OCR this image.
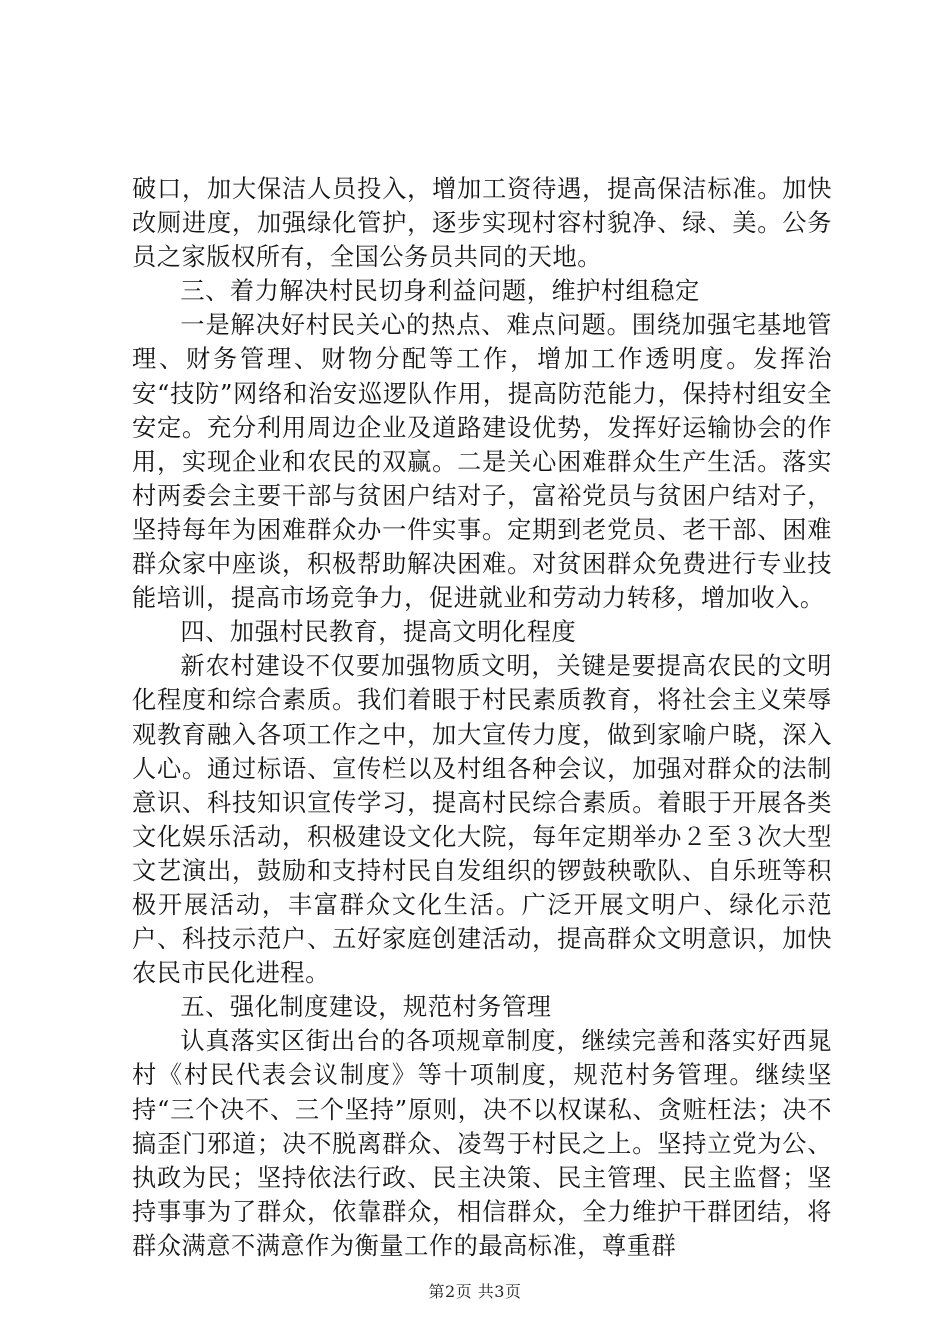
破口，加大保洁人员投入，增加工资待遇，提高保洁标准。加快改厕进度，加强绿化管护，逐步实现村容村貌净、绿、美。公务员之家版权所有，全国公务员共同的天地。

三、着力解决村民切身利益问题，维护村组稳定

一是解决好村民关心的热点、难点问题。围绕加强宅基地管理、财务管理、财物分配等工作，增加工作透明度。发挥治安“技防”网络和治安巡逻队作用，提高防范能力，保持村组安全安定。充分利用周边企业及道路建设优势，发挥好运输协会的作用，实现企业和农民的双赢。二是关心困难群众生产生活。落实村两委会主要干部与贫困户结对子，富裕党员与贫困户结对子，坚持每年为困难群众办一件实事。定期到老党员、老干部、困难群众家中座谈，积极帮助解决困难。对贫困群众免费进行专业技能培训，提高市场竞争力，促进就业和劳动力转移，增加收入。

四、加强村民教育，提高文明化程度

新农村建设不仅要加强物质文明，关键是要提高农民的文明化程度和综合素质。我们着眼于村民素质教育，将社会主义荣辱观教育融入各项工作之中，加大宣传力度，做到家喻户晓，深入人心。通过标语、宣传栏以及村组各种会议，加强对群众的法制意识、科技知识宣传学习，提高村民综合素质。着眼于开展各类文化娱乐活动，积极建设文化大院，每年定期举办２至３次大型文艺演出，鼓励和支持村民自发组织的锣鼓秧歌队、自乐班等积极开展活动，丰富群众文化生活。广泛开展文明户、绿化示范户、科技示范户、五好家庭创建活动，提高群众文明意识，加快农民市民化进程。

五、强化制度建设，规范村务管理

认真落实区街出台的各项规章制度，继续完善和落实好西晁村《村民代表会议制度》等十项制度，规范村务管理。继续坚持“三个决不、三个坚持”原则，决不以权谋私、贪赃枉法；决不搞歪门邪道；决不脱离群众、凌驾于村民之上。坚持立党为公、执政为民；坚持依法行政、民主决策、民主管理、民主监督；坚持事事为了群众，依靠群众，相信群众，全力维护干群团结，将群众满意不满意作为衡量工作的最高标准，尊重群

第2页 共3页
